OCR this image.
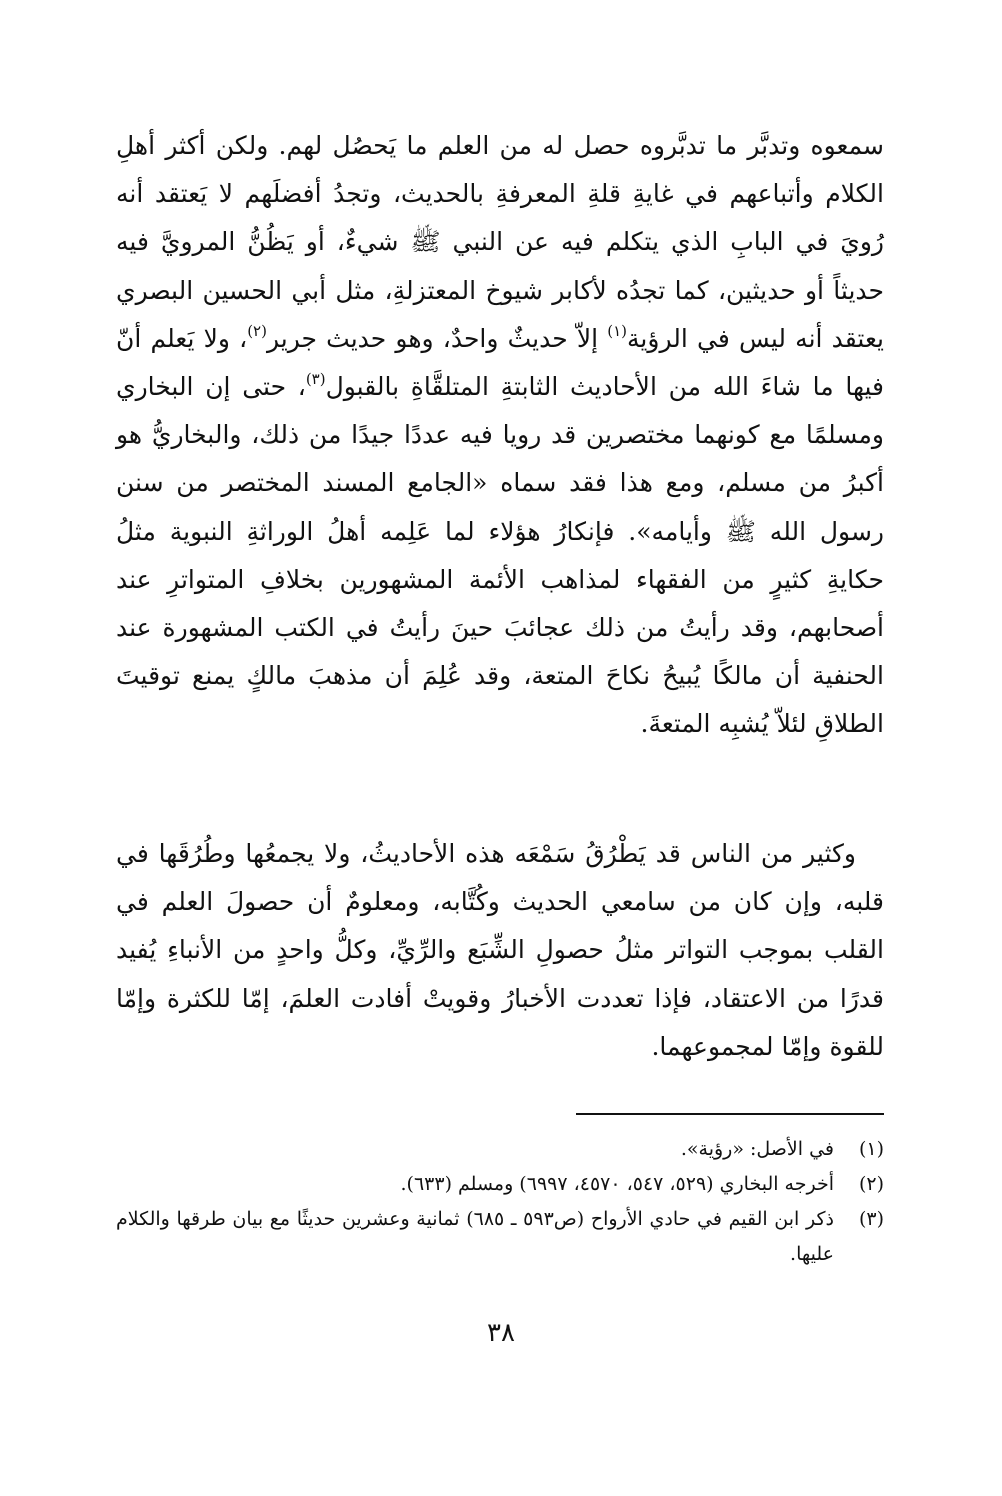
سمعوه وتدبَّر ما تدبَّروه حصل له من العلم ما يَحصُل لهم. ولكن أكثر أهلِ الكلام وأتباعهم في غايةِ قلةِ المعرفةِ بالحديث، وتجدُ أفضلَهم لا يَعتقد أنه رُويَ في البابِ الذي يتكلم فيه عن النبي ﷺ شيءٌ، أو يَظُنُّ المرويَّ فيه حديثاً أو حديثين، كما تجدُه لأكابر شيوخ المعتزلةِ، مثل أبي الحسين البصري يعتقد أنه ليس في الرؤية$^{(١)}$ إلاّ حديثٌ واحدٌ، وهو حديث جرير$^{(٢)}$، ولا يَعلم أنّ فيها ما شاءَ الله من الأحاديث الثابتةِ المتلقَّاةِ بالقبول$^{(٣)}$، حتى إن البخاري ومسلمًا مع كونهما مختصرين قد رويا فيه عددًا جيدًا من ذلك، والبخاريُّ هو أكبرُ من مسلم، ومع هذا فقد سماه «الجامع المسند المختصر من سنن رسول الله ﷺ وأيامه». فإنكارُ هؤلاء لما عَلِمه أهلُ الوراثةِ النبوية مثلُ حكايةِ كثيرٍ من الفقهاء لمذاهب الأئمة المشهورين بخلافِ المتواترِ عند أصحابهم، وقد رأيتُ من ذلك عجائبَ حينَ رأيتُ في الكتب المشهورة عند الحنفية أن مالكًا يُبيحُ نكاحَ المتعة، وقد عُلِمَ أن مذهبَ مالكٍ يمنع توقيتَ الطلاقِ لئلاّ يُشبِه المتعةَ.

وكثير من الناس قد يَطْرُقُ سَمْعَه هذه الأحاديثُ، ولا يجمعُها وطُرُقَها في قلبه، وإن كان من سامعي الحديث وكُتَّابه، ومعلومٌ أن حصولَ العلم في القلب بموجب التواتر مثلُ حصولِ الشِّبَع والرِّيِّ، وكلُّ واحدٍ من الأنباءِ يُفيد قدرًا من الاعتقاد، فإذا تعددت الأخبارُ وقويتْ أفادت العلمَ، إمّا للكثرة وإمّا للقوة وإمّا لمجموعهما.

(١)
في الأصل: «رؤية».
(٢)
أخرجه البخاري (٥٢٩، ٥٤٧، ٤٥٧٠، ٦٩٩٧) ومسلم (٦٣٣).
(٣)
ذكر ابن القيم في حادي الأرواح (ص٥٩٣ ـ ٦٨٥) ثمانية وعشرين حديثًا مع بيان طرقها والكلام عليها.
٣٨
